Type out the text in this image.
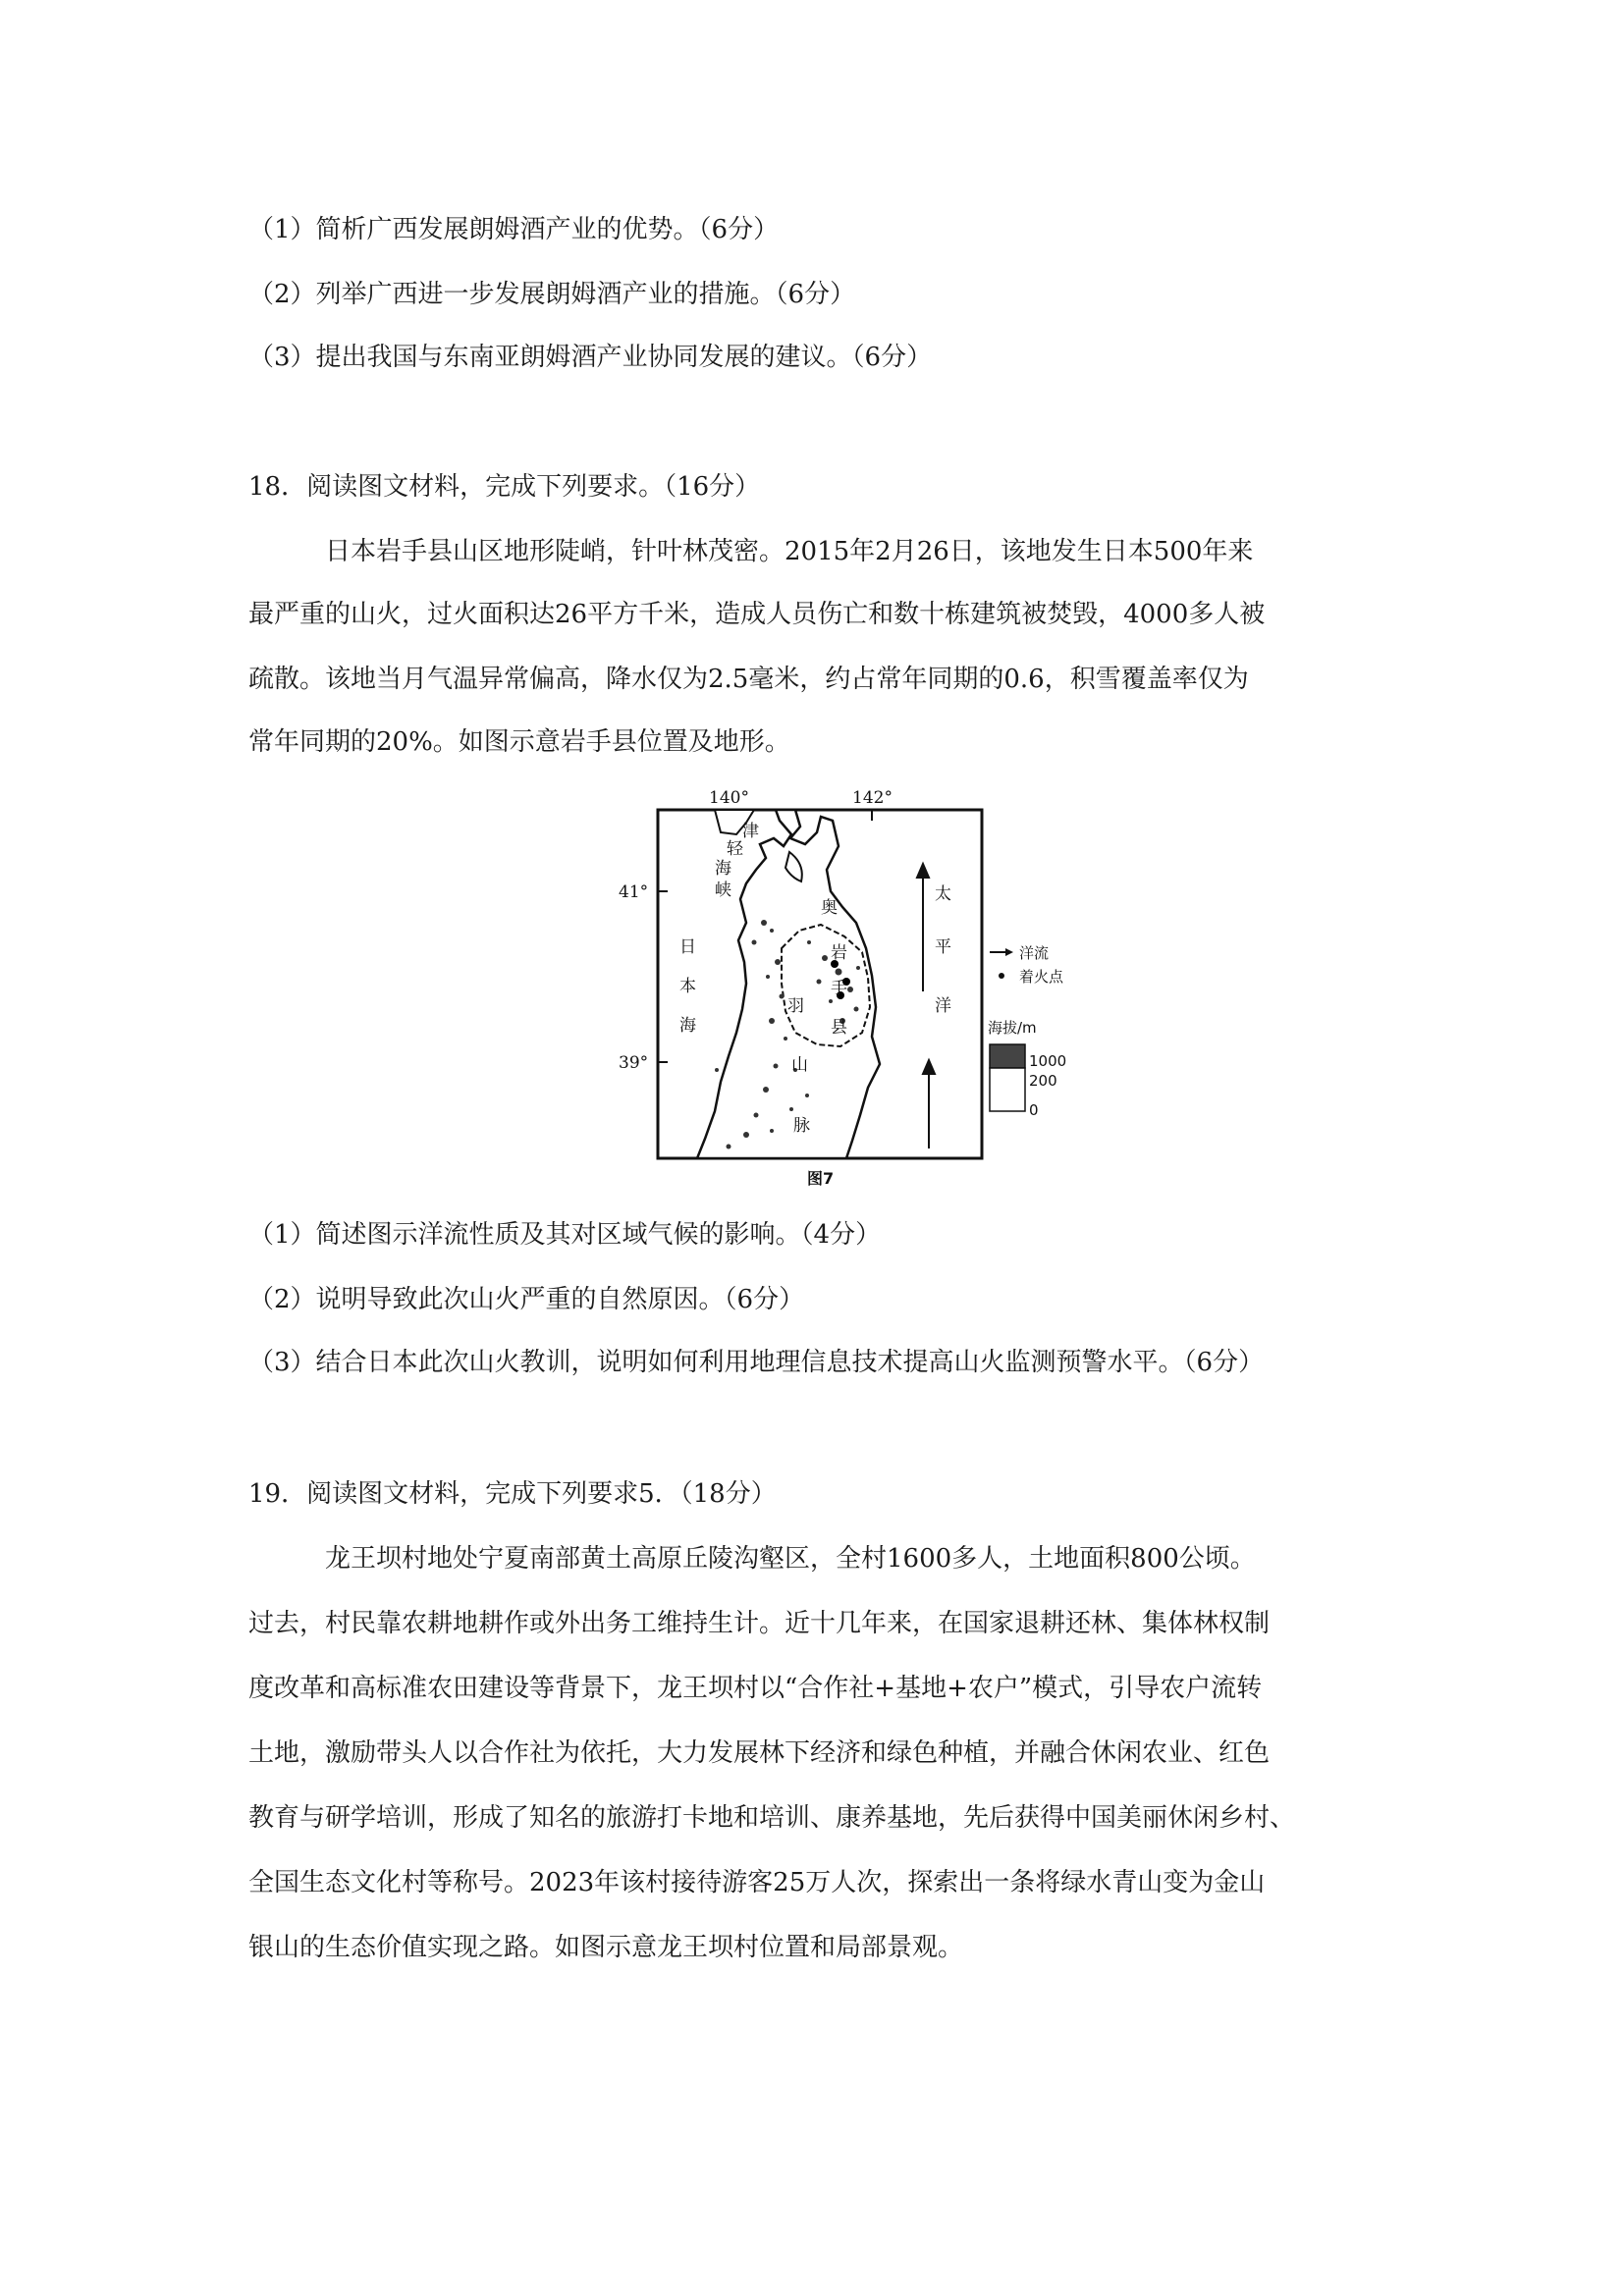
（1）简析广西发展朗姆酒产业的优势。（6分）
（2）列举广西进一步发展朗姆酒产业的措施。（6分）
（3）提出我国与东南亚朗姆酒产业协同发展的建议。（6分）
18．阅读图文材料，完成下列要求。（16分）
日本岩手县山区地形陡峭，针叶林茂密。2015年2月26日，该地发生日本500年来
最严重的山火，过火面积达26平方千米，造成人员伤亡和数十栋建筑被焚毁，4000多人被
疏散。该地当月气温异常偏高，降水仅为2.5毫米，约占常年同期的0.6，积雪覆盖率仅为
常年同期的20%。如图示意岩手县位置及地形。
140°	142°
41°
39°
津
轻
海
峡
日
本
海
太
平
洋
奥
羽
山
脉
岩
手
县
洋流
着火点
海拔/m
1000
200
0
图7
（1）简述图示洋流性质及其对区域气候的影响。（4分）
（2）说明导致此次山火严重的自然原因。（6分）
（3）结合日本此次山火教训，说明如何利用地理信息技术提高山火监测预警水平。（6分）
19．阅读图文材料，完成下列要求5．（18分）
龙王坝村地处宁夏南部黄土高原丘陵沟壑区，全村1600多人，土地面积800公顷。
过去，村民靠农耕地耕作或外出务工维持生计。近十几年来，在国家退耕还林、集体林权制
度改革和高标准农田建设等背景下，龙王坝村以“合作社+基地+农户”模式，引导农户流转
土地，激励带头人以合作社为依托，大力发展林下经济和绿色种植，并融合休闲农业、红色
教育与研学培训，形成了知名的旅游打卡地和培训、康养基地，先后获得中国美丽休闲乡村、
全国生态文化村等称号。2023年该村接待游客25万人次，探索出一条将绿水青山变为金山
银山的生态价值实现之路。如图示意龙王坝村位置和局部景观。
